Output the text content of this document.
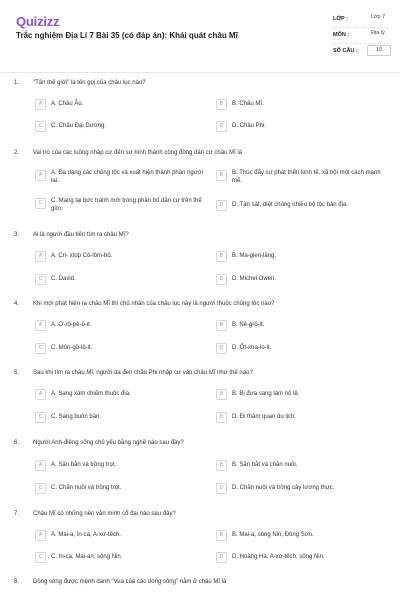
Quizizz
Trắc nghiệm Địa Lí 7 Bài 35 (có đáp án): Khái quát châu Mĩ
LỚP :	Lớp 7
MÔN :	Địa lý
SỐ CÂU :	10
1. "Tân thế giới" là tên gọi của châu lục nào?
A	A. Châu Âu.	B	B. Châu Mĩ.
C	C. Châu Đại Dương.	D	D. Châu Phi.
2. Vai trò của các luồng nhập cư đến sự hình thành cộng đồng dân cư châu Mĩ là
A	A. Đa dạng các chủng tộc và xuất hiện thành phần người lai.
B	B. Thúc đẩy sự phát triển kinh tế, xã hội một cách mạnh mẽ.
C	C. Mang lại bức tranh mới trong phân bố dân cư trên thế giới.
D	D. Tàn sát, diệt chủng nhiều bộ tộc bản địa.
3. Ai là người đầu tiên tìm ra châu Mĩ?
A	A. Cri- xtop Cô-lôm-bô.	B	B. Ma-gien-lăng.
C	C. David.	D	D. Michel Owen.
4. Khi mới phát hiện ra châu Mĩ thì chủ nhân của châu lục này là người thuộc chủng tộc nào?
A	A. Ơ-rô-pê-ô-it.	B	B. Nê-grô-it.
C	C. Môn-gô-lô-it.	D	D. Ốt-xtra-lo-it.
5. Sau khi tìm ra châu Mĩ, người da đen châu Phi nhập cư vào châu Mĩ như thế nào?
A	A. Sang xâm chiếm thuộc địa.	B	B. Bị đưa sang làm nô lệ.
C	C. Sang buôn bán.	D	D. Đi thăm quan du lịch.
6. Người Anh-điêng sống chủ yếu bằng nghề nào sau đây?
A	A. Săn bắn và trồng trọt.	B	B. Săn bắt và chăn nuôi.
C	C. Chăn nuôi và trồng trọt.	D	D. Chăn nuôi và trồng cây lương thực.
7. Châu Mĩ có những nền văn minh cổ đại nào sau đây?
A	A. Mai-a, In-ca, A-xơ-têch.	B	B. Mai-a, sông Nin, Đông Sơn.
C	C. In-ca, Mai-an, sông Nin.	D	D. Hoàng Hà, A-xơ-têch, sông Nin.
8. Dòng sông được mệnh danh "Vua của các dòng sông" nằm ở châu Mĩ là
